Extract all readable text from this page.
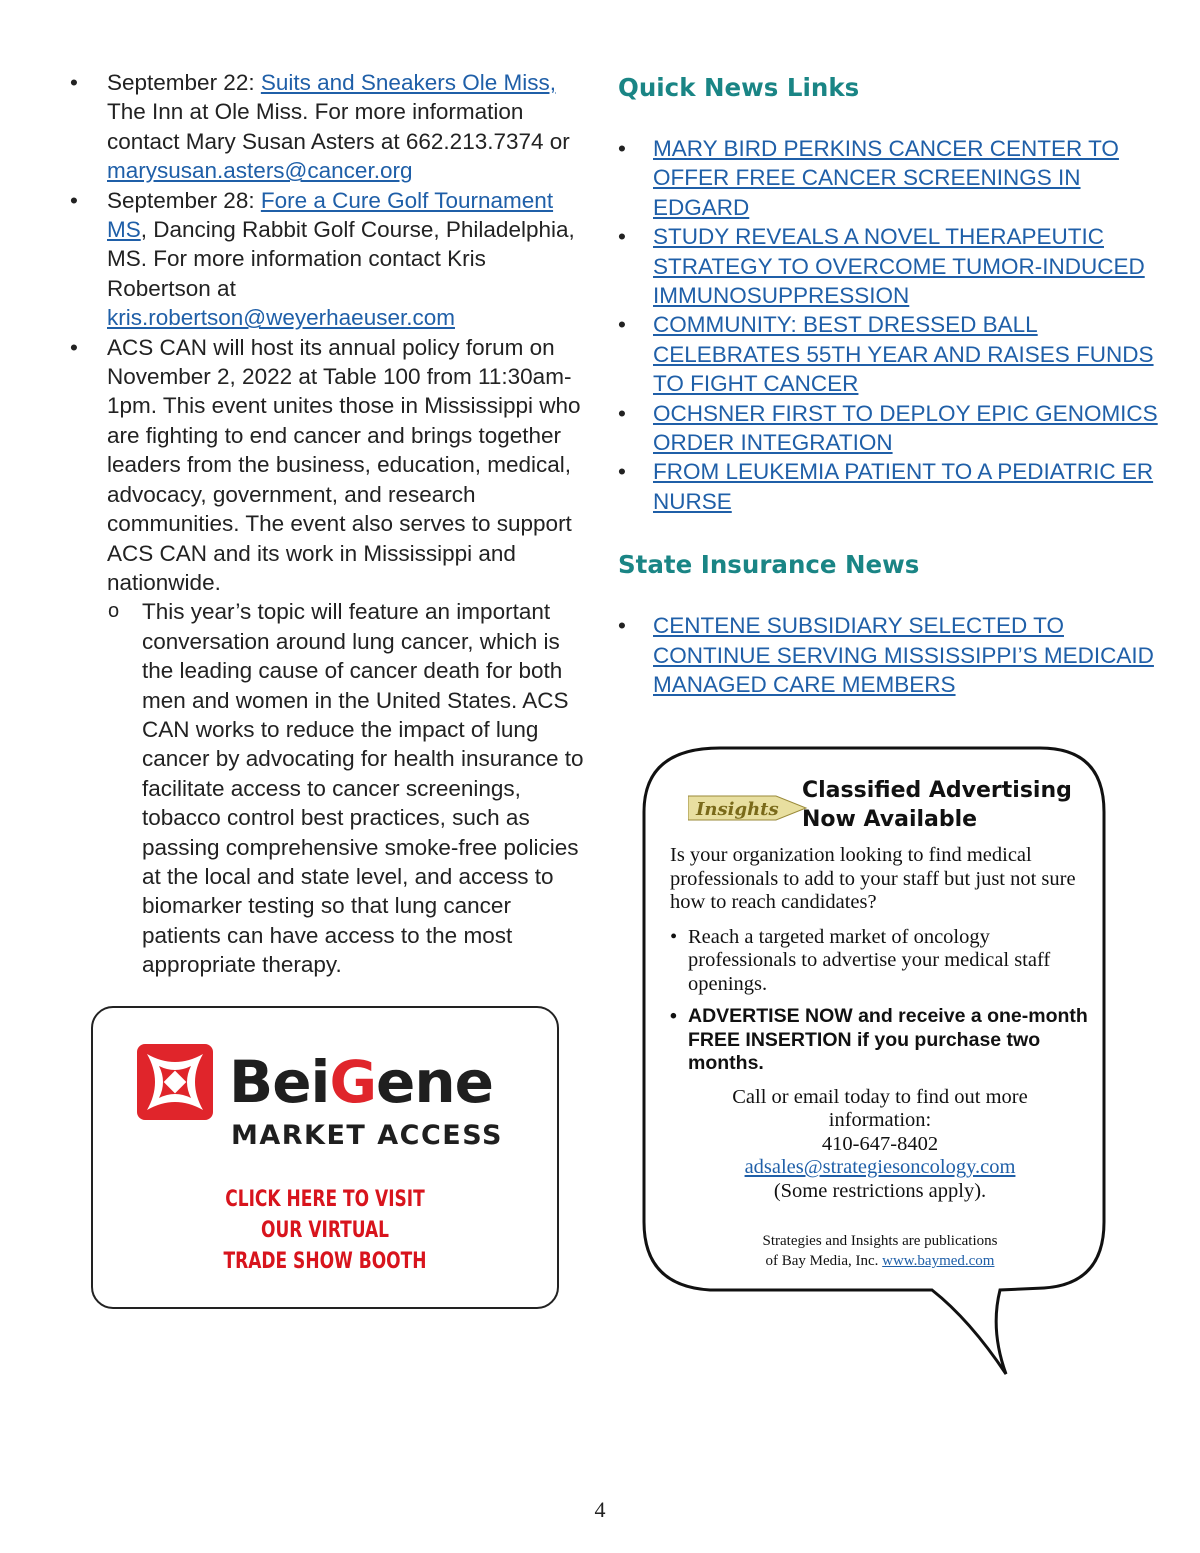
• September 22: Suits and Sneakers Ole Miss, The Inn at Ole Miss. For more information contact Mary Susan Asters at 662.213.7374 or marysusan.asters@cancer.org
• September 28: Fore a Cure Golf Tournament MS, Dancing Rabbit Golf Course, Philadelphia, MS. For more information contact Kris Robertson at kris.robertson@weyerhaeuser.com
• ACS CAN will host its annual policy forum on November 2, 2022 at Table 100 from 11:30am-1pm. This event unites those in Mississippi who are fighting to end cancer and brings together leaders from the business, education, medical, advocacy, government, and research communities. The event also serves to support ACS CAN and its work in Mississippi and nationwide.
o This year’s topic will feature an important conversation around lung cancer, which is the leading cause of cancer death for both men and women in the United States. ACS CAN works to reduce the impact of lung cancer by advocating for health insurance to facilitate access to cancer screenings, tobacco control best practices, such as passing comprehensive smoke-free policies at the local and state level, and access to biomarker testing so that lung cancer patients can have access to the most appropriate therapy.
BeiGene
MARKET ACCESS
CLICK HERE TO VISIT
OUR VIRTUAL
TRADE SHOW BOOTH
Quick News Links
• MARY BIRD PERKINS CANCER CENTER TO OFFER FREE CANCER SCREENINGS IN EDGARD
• STUDY REVEALS A NOVEL THERAPEUTIC STRATEGY TO OVERCOME TUMOR-INDUCED IMMUNOSUPPRESSION
• COMMUNITY: BEST DRESSED BALL CELEBRATES 55TH YEAR AND RAISES FUNDS TO FIGHT CANCER
• OCHSNER FIRST TO DEPLOY EPIC GENOMICS ORDER INTEGRATION
• FROM LEUKEMIA PATIENT TO A PEDIATRIC ER NURSE
State Insurance News
• CENTENE SUBSIDIARY SELECTED TO CONTINUE SERVING MISSISSIPPI’S MEDICAID MANAGED CARE MEMBERS
Insights
Classified Advertising
Now Available
Is your organization looking to find medical professionals to add to your staff but just not sure how to reach candidates?
• Reach a targeted market of oncology professionals to advertise your medical staff openings.
• ADVERTISE NOW and receive a one-month FREE INSERTION if you purchase two months.
Call or email today to find out more information:
410-647-8402
adsales@strategiesoncology.com
(Some restrictions apply).
Strategies and Insights are publications
of Bay Media, Inc. www.baymed.com
4
